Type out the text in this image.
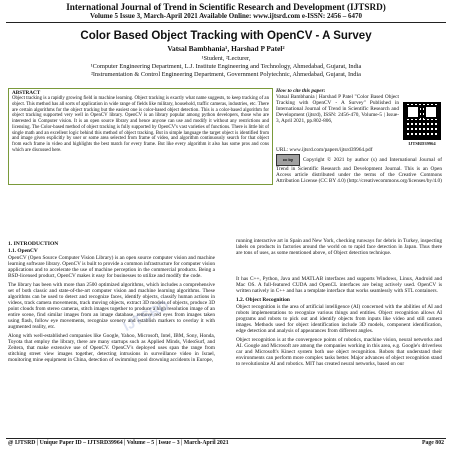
International Journal of Trend in Scientific Research and Development (IJTSRD)
Volume 5 Issue 3, March-April 2021 Available Online: www.ijtsrd.com e-ISSN: 2456 – 6470
Color Based Object Tracking with OpenCV - A Survey
Vatsal Bambhania¹, Harshad P Patel²
¹Student, ²Lecturer,
¹Computer Engineering Department, L.J. Institute Engineering and Technology, Ahmedabad, Gujarat, India
²Instrumentation & Control Engineering Department, Government Polytechnic, Ahmedabad, Gujarat, India
ABSTRACT
Object tracking is a rapidly growing field in machine learning. Object tracking is exactly what name suggests, to keep tracking of an object. This method has all sorts of application in wide range of fields like military, household, traffic cameras, industries, etc. There are certain algorithms for the object tracking but the easiest one is color-based object detection. This is a color-based algorithm for object tracking supported very well in OpenCV library. OpenCV is an library popular among python developers, those who are interested in Computer vision. It is an open source library and hence anyone can use and modify it without any restrictions and licensing. The Color-based method of object tracking is fully supported by OpenCV's vast varieties of functions. There is little bit of single math and an excellent logic behind this method of object tracking. But in simple language the target object is identified from and image given explicitly by user or some area selected from frame of video, and algorithm continuously search for that object from each frame in video and highlights the best match for every frame. But like every algorithm it also has some pros and cons which are discussed here.
How to cite this paper:
Vatsal Bambhania | Harshad P Patel "Color Based Object Tracking with OpenCV - A Survey" Published in International Journal of Trend in Scientific Research and Development (ijtsrd), ISSN: 2456-470, Volume-5 | Issue-3, April 2021, pp.802-806,
IJTSRD39964
URL: www.ijtsrd.com/papers/ijtsrd39964.pdf
cc by Copyright © 2021 by author (s) and International Journal of Trend in Scientific Research and Development Journal. This is an Open Access article distributed under the terms of the Creative Commons Attribution License (CC BY 4.0) (http://creativecommons.org/licenses/by/4.0)
1. INTRODUCTION
1.1. OpenCV

OpenCV (Open Source Computer Vision Library) is an open source computer vision and machine learning software library. OpenCV is built to provide a common infrastructure for computer vision applications and to accelerate the use of machine perception in the commercial products. Being a BSD-licensed product, OpenCV makes it easy for businesses to utilize and modify the code.

The library has been with more than 2500 optimized algorithms, which includes a comprehensive set of both classic and state-of-the-art computer vision and machine learning algorithms. These algorithms can be used to detect and recognize faces, identify objects, classify human actions in videos, track camera movements, track moving objects, extract 3D models of objects, produce 3D point clouds from stereo cameras, stitch images together to produce a high resolution image of an entire scene, find similar images from an image database, remove red eyes from images taken using flash, follow eye movements, recognize scenery and establish markers to overlay it with augmented reality, etc.

Along with well-established companies like Google, Yahoo, Microsoft, Intel, IBM, Sony, Honda, Toyota that employ the library, there are many startups such as Applied Minds, VideoSurf, and Zeitera, that make extensive use of OpenCV. OpenCV's deployed uses span the range from stitching street view images together, detecting intrusions in surveillance video in Israel, monitoring mine equipment in China, detection of swimming pool drowning accidents in Europe,

running interactive art in Spain and New York, checking runways for debris in Turkey, inspecting labels on products in factories around the world on to rapid face detection in Japan. Thus there are tons of uses, as some mentioned above, of Object detection technique.

It has C++, Python, Java and MATLAB interfaces and supports Windows, Linux, Android and Mac OS. A full-featured CUDA and OpenCL interfaces are being actively used. OpenCV is written natively in C++ and has a template interface that works seamlessly with STL containers.

1.2. Object Recognition

Object recognition is the area of artificial intelligence (AI) concerned with the abilities of AI and robots implementations to recognize various things and entities. Object recognition allows AI programs and robots to pick out and identify objects from inputs like video and still camera images. Methods used for object identification include 3D models, component identification, edge detection and analysis of appearances from different angles.

Object recognition is at the convergence points of robotics, machine vision, neural networks and AI. Google and Microsoft are among the companies working in this area, e.g. Google's driverless car and Microsoft's Kinect system both use object recognition. Robots that understand their environments can perform more complex tasks better. Major advances of object recognition stand to revolutionize AI and robotics. MIT has created neural networks, based on our

IJTSRD
@ IJTSRD | Unique Paper ID – IJTSRD39964 | Volume – 5 | Issue – 3 | March-April 2021	Page 802
